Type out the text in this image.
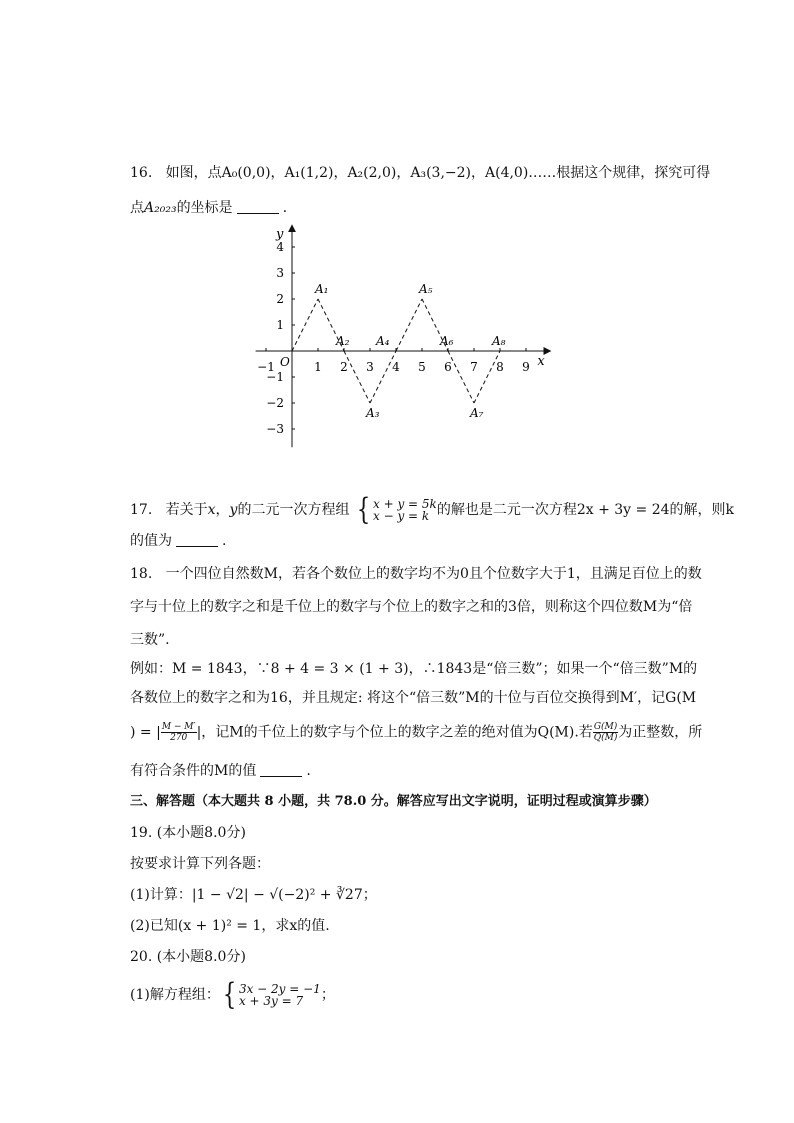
16. 如图，点A₀(0,0)，A₁(1,2)，A₂(2,0)，A₃(3,−2)，A(4,0)……根据这个规律，探究可得
点A₂₀₂₃的坐标是	.
x
y
O
−1	1 2 3 4 5 6 7 8 9
4
3
2
1
−1
−2
−3
A₁
A₂
A₃
A₄
A₅
A₆
A₇
A₈
17. 若关于x，y的二元一次方程组 { x + y = 5k
x − y = k 的解也是二元一次方程2x + 3y = 24的解，则k
的值为	.
18. 一个四位自然数M，若各个数位上的数字均不为0且个位数字大于1，且满足百位上的数
字与十位上的数字之和是千位上的数字与个位上的数字之和的3倍，则称这个四位数M为“倍
三数”.
例如：M = 1843，∵8 + 4 = 3 × (1 + 3)，∴1843是“倍三数”；如果一个“倍三数”M的
各数位上的数字之和为16，并且规定: 将这个“倍三数”M的十位与百位交换得到M′，记G(M
) = | $\frac{M - M'}{270}$ |，记M的千位上的数字与个位上的数字之差的绝对值为Q(M).若 $\frac{G(M)}{Q(M)}$ 为正整数，所
有符合条件的M的值	.
三、解答题（本大题共 8 小题，共 78.0 分。解答应写出文字说明，证明过程或演算步骤）
19. (本小题8.0分)
按要求计算下列各题：
(1)计算：|1 − √2| − √(−2)² + ∛27；
(2)已知(x + 1)² = 1，求x的值.
20. (本小题8.0分)
(1)解方程组：{ 3x − 2y = −1
x + 3y = 7 ；
